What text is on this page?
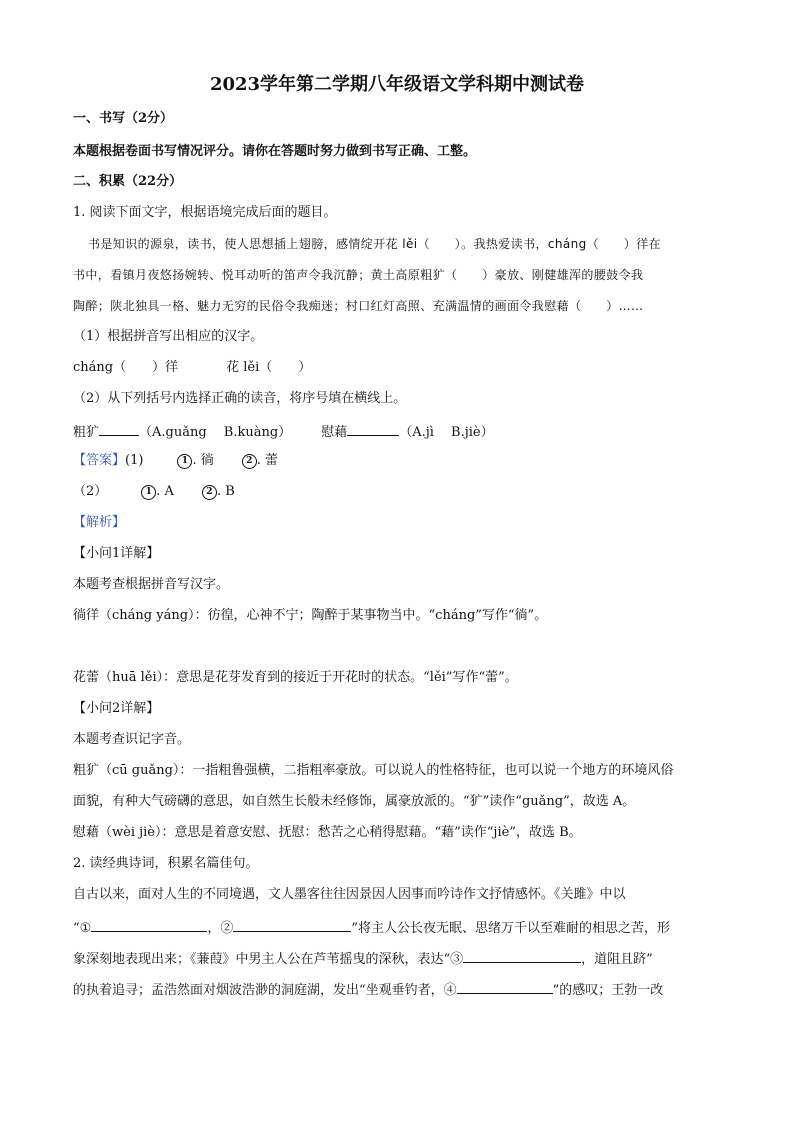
2023学年第二学期八年级语文学科期中测试卷
一、书写（2分）
本题根据卷面书写情况评分。请你在答题时努力做到书写正确、工整。
二、积累（22分）
1. 阅读下面文字，根据语境完成后面的题目。
书是知识的源泉，读书，使人思想插上翅膀，感情绽开花 lěi（　　）。我热爱读书，cháng（　　）徉在
书中，看镇月夜悠扬婉转、悦耳动听的笛声令我沉静；黄土高原粗犷（　　）豪放、刚健雄浑的腰鼓令我
陶醉；陕北独具一格、魅力无穷的民俗令我痴迷；村口红灯高照、充满温情的画面令我慰藉（　　）……
（1）根据拼音写出相应的汉字。
cháng（　　）徉	花 lěi（　　）
（2）从下列括号内选择正确的读音，将序号填在横线上。
粗犷	（A.guǎng　 B.kuàng） 慰藉	（A.jì　 B.jiè）
【答案】(1)	1 . 徜	2 . 蕾
（2）	1 . A	2 . B
【解析】
【小问1详解】
本题考查根据拼音写汉字。
徜徉（cháng yáng）：彷徨，心神不宁；陶醉于某事物当中。“cháng”写作“徜”。
花蕾（huā lěi）：意思是花芽发育到的接近于开花时的状态。“lěi”写作“蕾”。
【小问2详解】
本题考查识记字音。
粗犷（cū guǎng）：一指粗鲁强横，二指粗率豪放。可以说人的性格特征，也可以说一个地方的环境风俗
面貌，有种大气磅礴的意思，如自然生长般未经修饰，属豪放派的。“犷”读作“guǎng”，故选 A。
慰藉（wèi jiè）：意思是着意安慰、抚慰：愁苦之心稍得慰藉。“藉”读作“jiè”，故选 B。
2. 读经典诗词，积累名篇佳句。
自古以来，面对人生的不同境遇，文人墨客往往因景因人因事而吟诗作文抒情感怀。《关雎》中以
“①	，②	”将主人公长夜无眠、思绪万千以至难耐的相思之苦，形
象深刻地表现出来；《蒹葭》中男主人公在芦苇摇曳的深秋，表达“③	，道阻且跻”
的执着追寻；孟浩然面对烟波浩渺的洞庭湖，发出“坐观垂钓者，④	”的感叹；王勃一改
